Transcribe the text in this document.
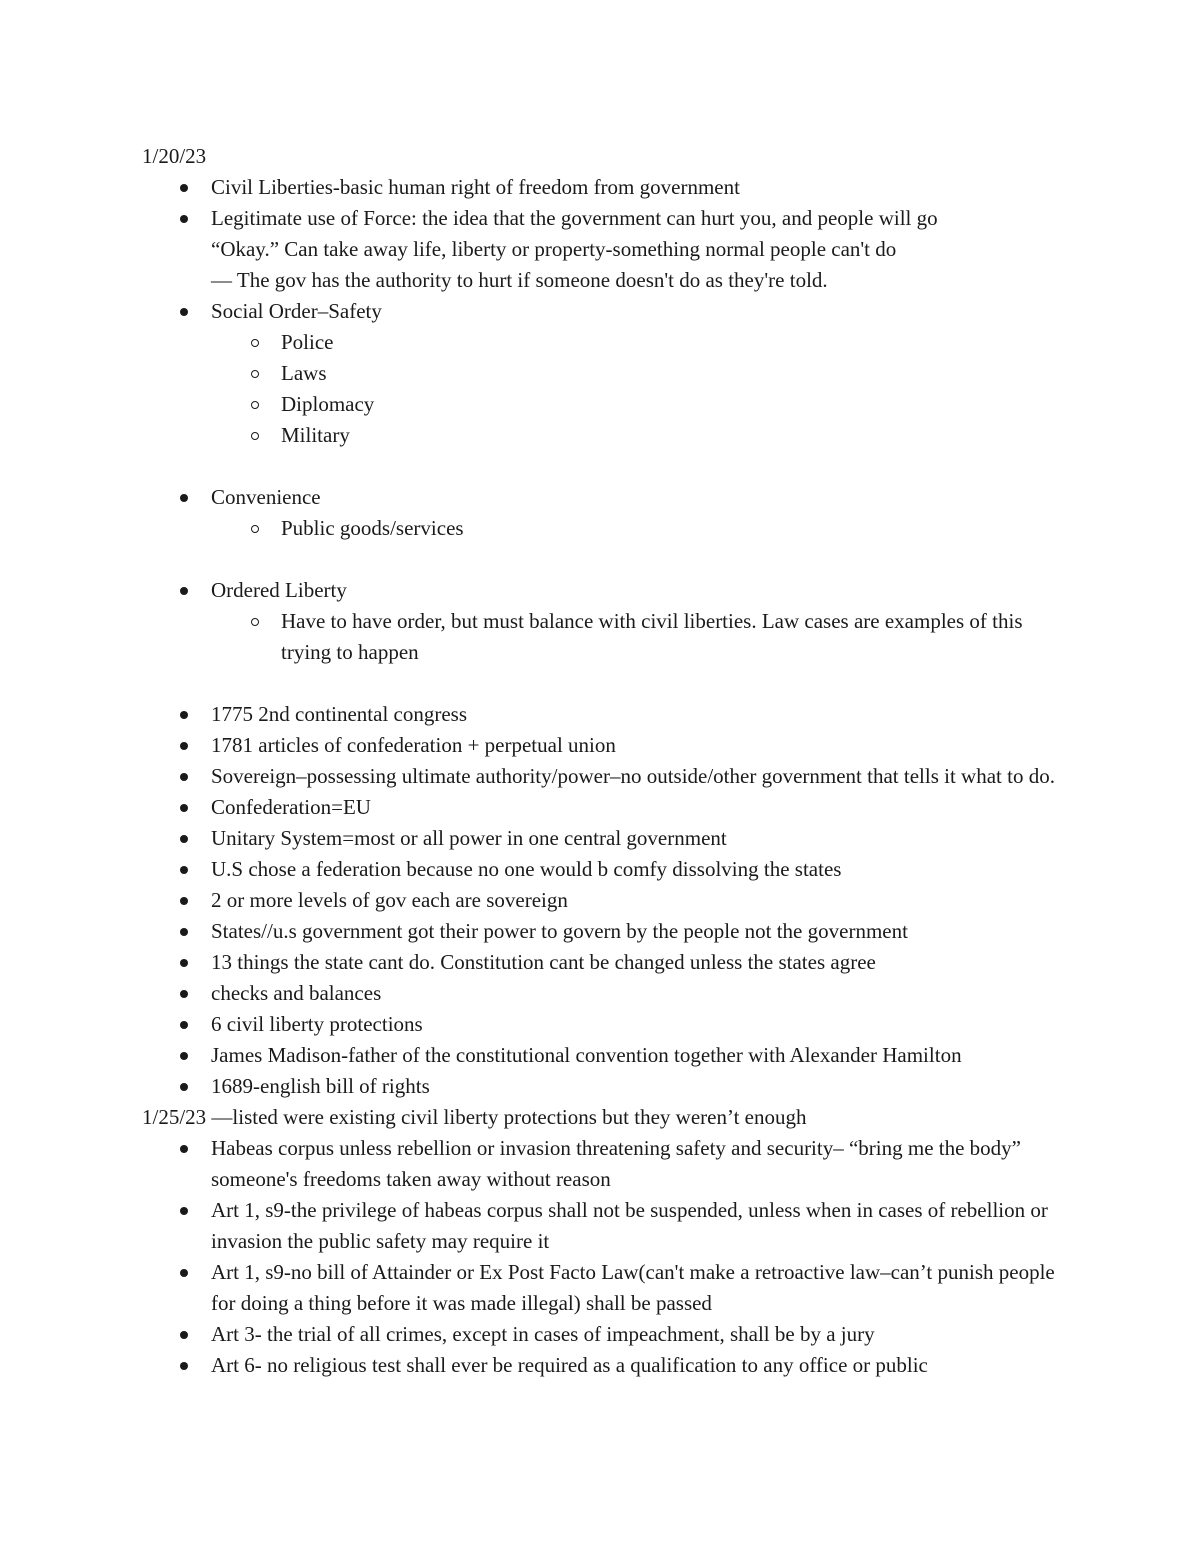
1/20/23

Civil Liberties-basic human right of freedom from government
Legitimate use of Force: the idea that the government can hurt you, and people will go
“Okay.” Can take away life, liberty or property-something normal people can't do
— The gov has the authority to hurt if someone doesn't do as they're told.
Social Order–Safety
Police
Laws
Diplomacy
Military
Convenience
Public goods/services
Ordered Liberty
Have to have order, but must balance with civil liberties. Law cases are examples of this trying to happen
1775 2nd continental congress
1781 articles of confederation + perpetual union
Sovereign–possessing ultimate authority/power–no outside/other government that tells it what to do.
Confederation=EU
Unitary System=most or all power in one central government
U.S chose a federation because no one would b comfy dissolving the states
2 or more levels of gov each are sovereign
States//u.s government got their power to govern by the people not the government
13 things the state cant do. Constitution cant be changed unless the states agree
checks and balances
6 civil liberty protections
James Madison-father of the constitutional convention together with Alexander Hamilton
1689-english bill of rights

1/25/23 —listed were existing civil liberty protections but they weren’t enough

Habeas corpus unless rebellion or invasion threatening safety and security– “bring me the body” someone's freedoms taken away without reason
Art 1, s9-the privilege of habeas corpus shall not be suspended, unless when in cases of rebellion or invasion the public safety may require it
Art 1, s9-no bill of Attainder or Ex Post Facto Law(can't make a retroactive law–can’t punish people for doing a thing before it was made illegal) shall be passed
Art 3- the trial of all crimes, except in cases of impeachment, shall be by a jury
Art 6- no religious test shall ever be required as a qualification to any office or public
